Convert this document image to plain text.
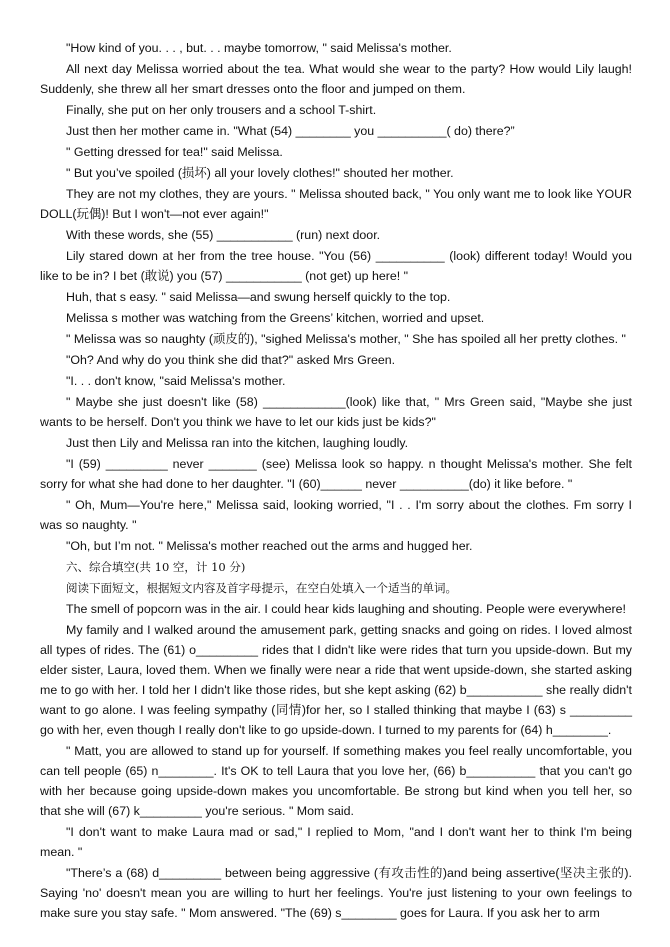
"How kind of you. . . , but. . . maybe tomorrow, " said Melissa's mother.

All next day Melissa worried about the tea. What would she wear to the party? How would Lily laugh! Suddenly, she threw all her smart dresses onto the floor and jumped on them.

Finally, she put on her only trousers and a school T-shirt.

Just then her mother came in. "What (54) ________ you __________( do) there?”

" Getting dressed for tea!" said Melissa.

" But you’ve spoiled (损坏) all your lovely clothes!" shouted her mother.

They are not my clothes, they are yours. " Melissa shouted back, " You only want me to look like YOUR DOLL(玩偶)! But I won't—not ever again!"

With these words, she (55) ___________ (run) next door.

Lily stared down at her from the tree house. "You (56) __________ (look) different today! Would you like to be in? I bet (敢说) you (57) ___________ (not get) up here! "

Huh, that s easy. " said Melissa—and swung herself quickly to the top.

Melissa s mother was watching from the Greens’ kitchen, worried and upset.

" Melissa was so naughty (顽皮的), "sighed Melissa's mother, " She has spoiled all her pretty clothes. "

"Oh? And why do you think she did that?" asked Mrs Green.

"I. . . don't know, "said Melissa's mother.

" Maybe she just doesn't like (58) ____________(look) like that, " Mrs Green said, "Maybe she just wants to be herself. Don't you think we have to let our kids just be kids?"

Just then Lily and Melissa ran into the kitchen, laughing loudly.

"I (59) _________ never _______ (see) Melissa look so happy. n thought Melissa's mother. She felt sorry for what she had done to her daughter. "I (60)______ never __________(do) it like before. "

" Oh, Mum—You're here," Melissa said, looking worried, "I . . I'm sorry about the clothes. Fm sorry I was so naughty. "

"Oh, but I’m not. " Melissa's mother reached out the arms and hugged her.

六、综合填空(共 10 空，计 10 分)

阅读下面短文，根据短文内容及首字母提示，在空白处填入一个适当的单词。

The smell of popcorn was in the air. I could hear kids laughing and shouting. People were everywhere!

My family and I walked around the amusement park, getting snacks and going on rides. I loved almost all types of rides. The (61) o_________ rides that I didn't like were rides that turn you upside-down. But my elder sister, Laura, loved them. When we finally were near a ride that went upside-down, she started asking me to go with her. I told her I didn't like those rides, but she kept asking (62) b___________ she really didn't want to go alone. I was feeling sympathy (同情)for her, so I stalled thinking that maybe I (63) s _________ go with her, even though I really don't like to go upside-down. I turned to my parents for (64) h________.

" Matt, you are allowed to stand up for yourself. If something makes you feel really uncomfortable, you can tell people (65) n________. It's OK to tell Laura that you love her, (66) b__________ that you can't go with her because going upside-down makes you uncomfortable. Be strong but kind when you tell her, so that she will (67) k_________ you're serious. " Mom said.

"I don't want to make Laura mad or sad," I replied to Mom, "and I don't want her to think I'm being mean. "

"There’s a (68) d_________ between being aggressive (有攻击性的)and being assertive(坚决主张的). Saying 'no' doesn't mean you are willing to hurt her feelings. You're just listening to your own feelings to make sure you stay safe. " Mom answered. "The (69) s________ goes for Laura. If you ask her to arm
